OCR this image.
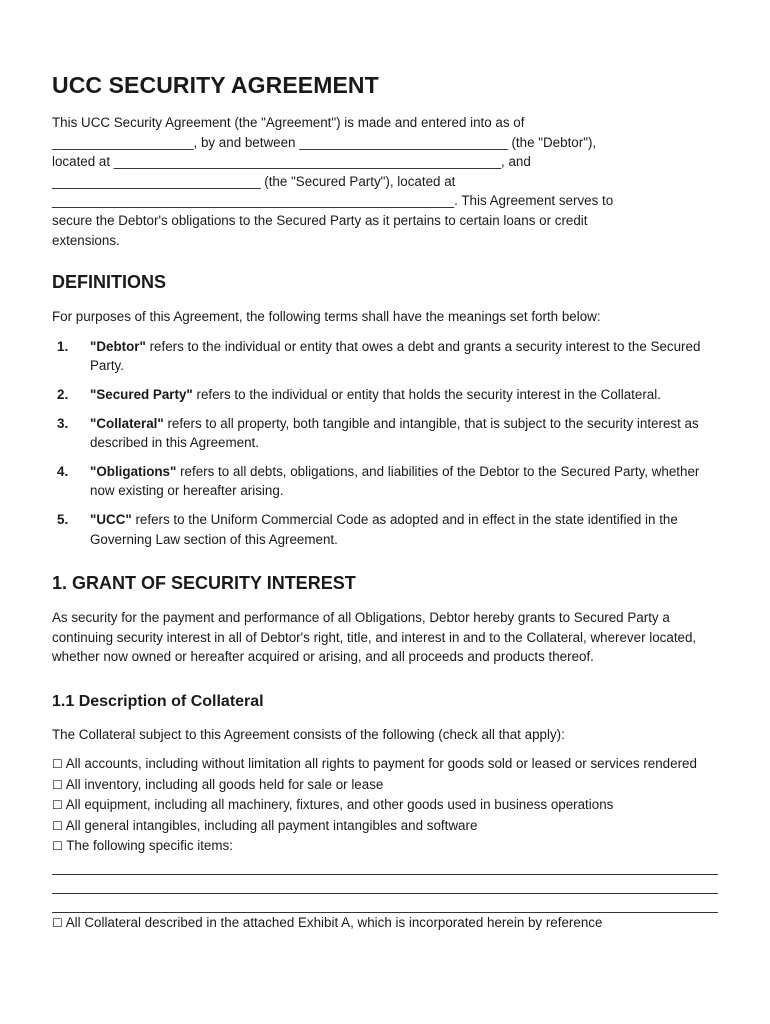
UCC SECURITY AGREEMENT
This UCC Security Agreement (the "Agreement") is made and entered into as of
___________________, by and between ____________________________ (the "Debtor"),
located at ____________________________________________________, and
____________________________ (the "Secured Party"), located at
______________________________________________________. This Agreement serves to
secure the Debtor's obligations to the Secured Party as it pertains to certain loans or credit
extensions.
DEFINITIONS

For purposes of this Agreement, the following terms shall have the meanings set forth below:

1.	"Debtor" refers to the individual or entity that owes a debt and grants a security interest to the Secured Party.
2.	"Secured Party" refers to the individual or entity that holds the security interest in the Collateral.
3.	"Collateral" refers to all property, both tangible and intangible, that is subject to the security interest as described in this Agreement.
4.	"Obligations" refers to all debts, obligations, and liabilities of the Debtor to the Secured Party, whether now existing or hereafter arising.
5.	"UCC" refers to the Uniform Commercial Code as adopted and in effect in the state identified in the Governing Law section of this Agreement.
1. GRANT OF SECURITY INTEREST

As security for the payment and performance of all Obligations, Debtor hereby grants to Secured Party a continuing security interest in all of Debtor's right, title, and interest in and to the Collateral, wherever located, whether now owned or hereafter acquired or arising, and all proceeds and products thereof.

1.1 Description of Collateral

The Collateral subject to this Agreement consists of the following (check all that apply):

☐ All accounts, including without limitation all rights to payment for goods sold or leased or services rendered
☐ All inventory, including all goods held for sale or lease
☐ All equipment, including all machinery, fixtures, and other goods used in business operations
☐ All general intangibles, including all payment intangibles and software
☐ The following specific items:
☐ All Collateral described in the attached Exhibit A, which is incorporated herein by reference
